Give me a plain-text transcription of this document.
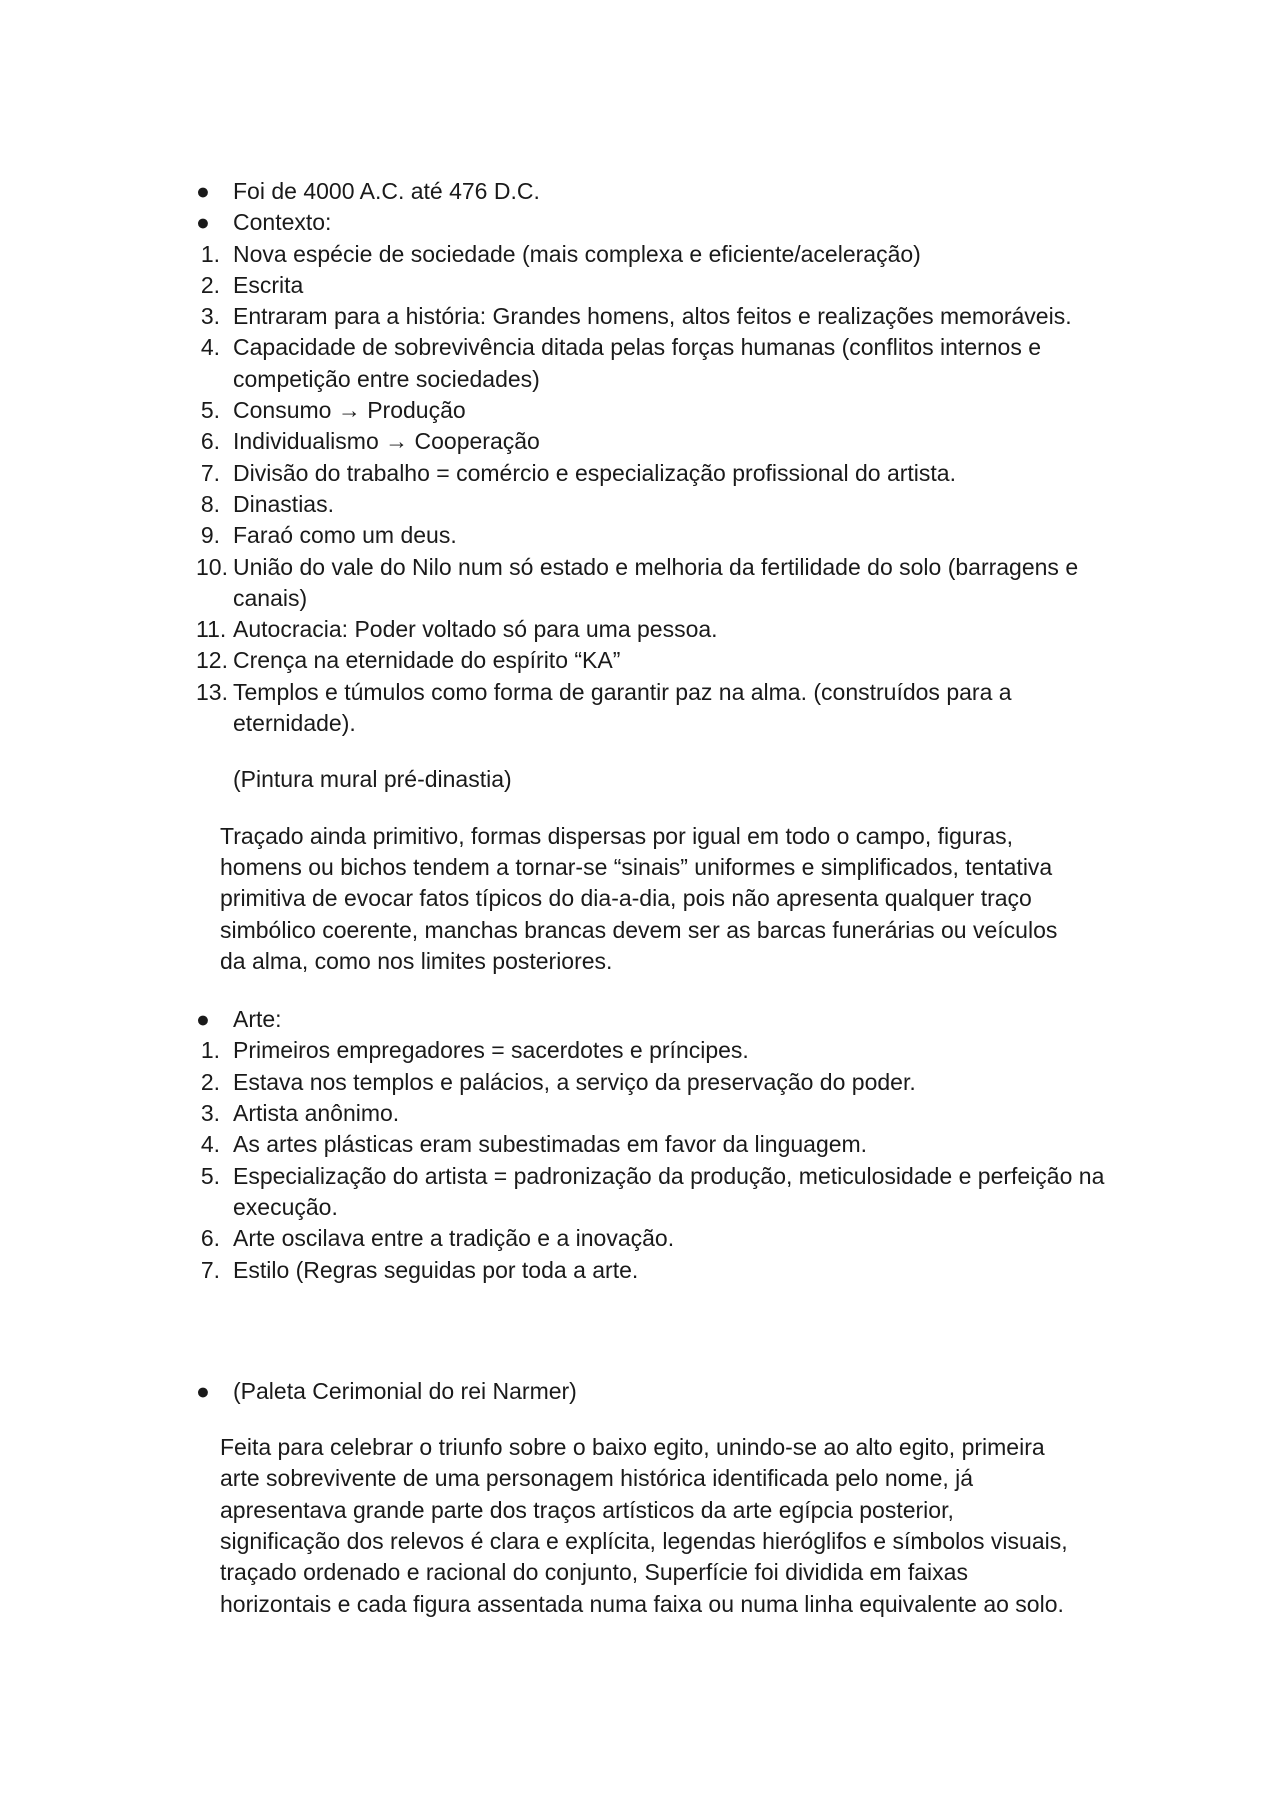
●	Foi de 4000 A.C. até 476 D.C.
●	Contexto:
1. Nova espécie de sociedade (mais complexa e eficiente/aceleração)
2. Escrita
3. Entraram para a história: Grandes homens, altos feitos e realizações memoráveis.
4. Capacidade de sobrevivência ditada pelas forças humanas (conflitos internos e competição entre sociedades)
5. Consumo → Produção
6. Individualismo → Cooperação
7. Divisão do trabalho = comércio e especialização profissional do artista.
8. Dinastias.
9. Faraó como um deus.
10. União do vale do Nilo num só estado e melhoria da fertilidade do solo (barragens e canais)
11. Autocracia: Poder voltado só para uma pessoa.
12. Crença na eternidade do espírito “KA”
13. Templos e túmulos como forma de garantir paz na alma. (construídos para a eternidade).
(Pintura mural pré-dinastia)
Traçado ainda primitivo, formas dispersas por igual em todo o campo, figuras, homens ou bichos tendem a tornar-se “sinais” uniformes e simplificados, tentativa primitiva de evocar fatos típicos do dia-a-dia, pois não apresenta qualquer traço simbólico coerente, manchas brancas devem ser as barcas funerárias ou veículos da alma, como nos limites posteriores.
●	Arte:
1. Primeiros empregadores = sacerdotes e príncipes.
2. Estava nos templos e palácios, a serviço da preservação do poder.
3. Artista anônimo.
4. As artes plásticas eram subestimadas em favor da linguagem.
5. Especialização do artista = padronização da produção, meticulosidade e perfeição na execução.
6. Arte oscilava entre a tradição e a inovação.
7. Estilo (Regras seguidas por toda a arte.
●	(Paleta Cerimonial do rei Narmer)
Feita para celebrar o triunfo sobre o baixo egito, unindo-se ao alto egito, primeira arte sobrevivente de uma personagem histórica identificada pelo nome, já apresentava grande parte dos traços artísticos da arte egípcia posterior, significação dos relevos é clara e explícita, legendas hieróglifos e símbolos visuais, traçado ordenado e racional do conjunto, Superfície foi dividida em faixas horizontais e cada figura assentada numa faixa ou numa linha equivalente ao solo.
